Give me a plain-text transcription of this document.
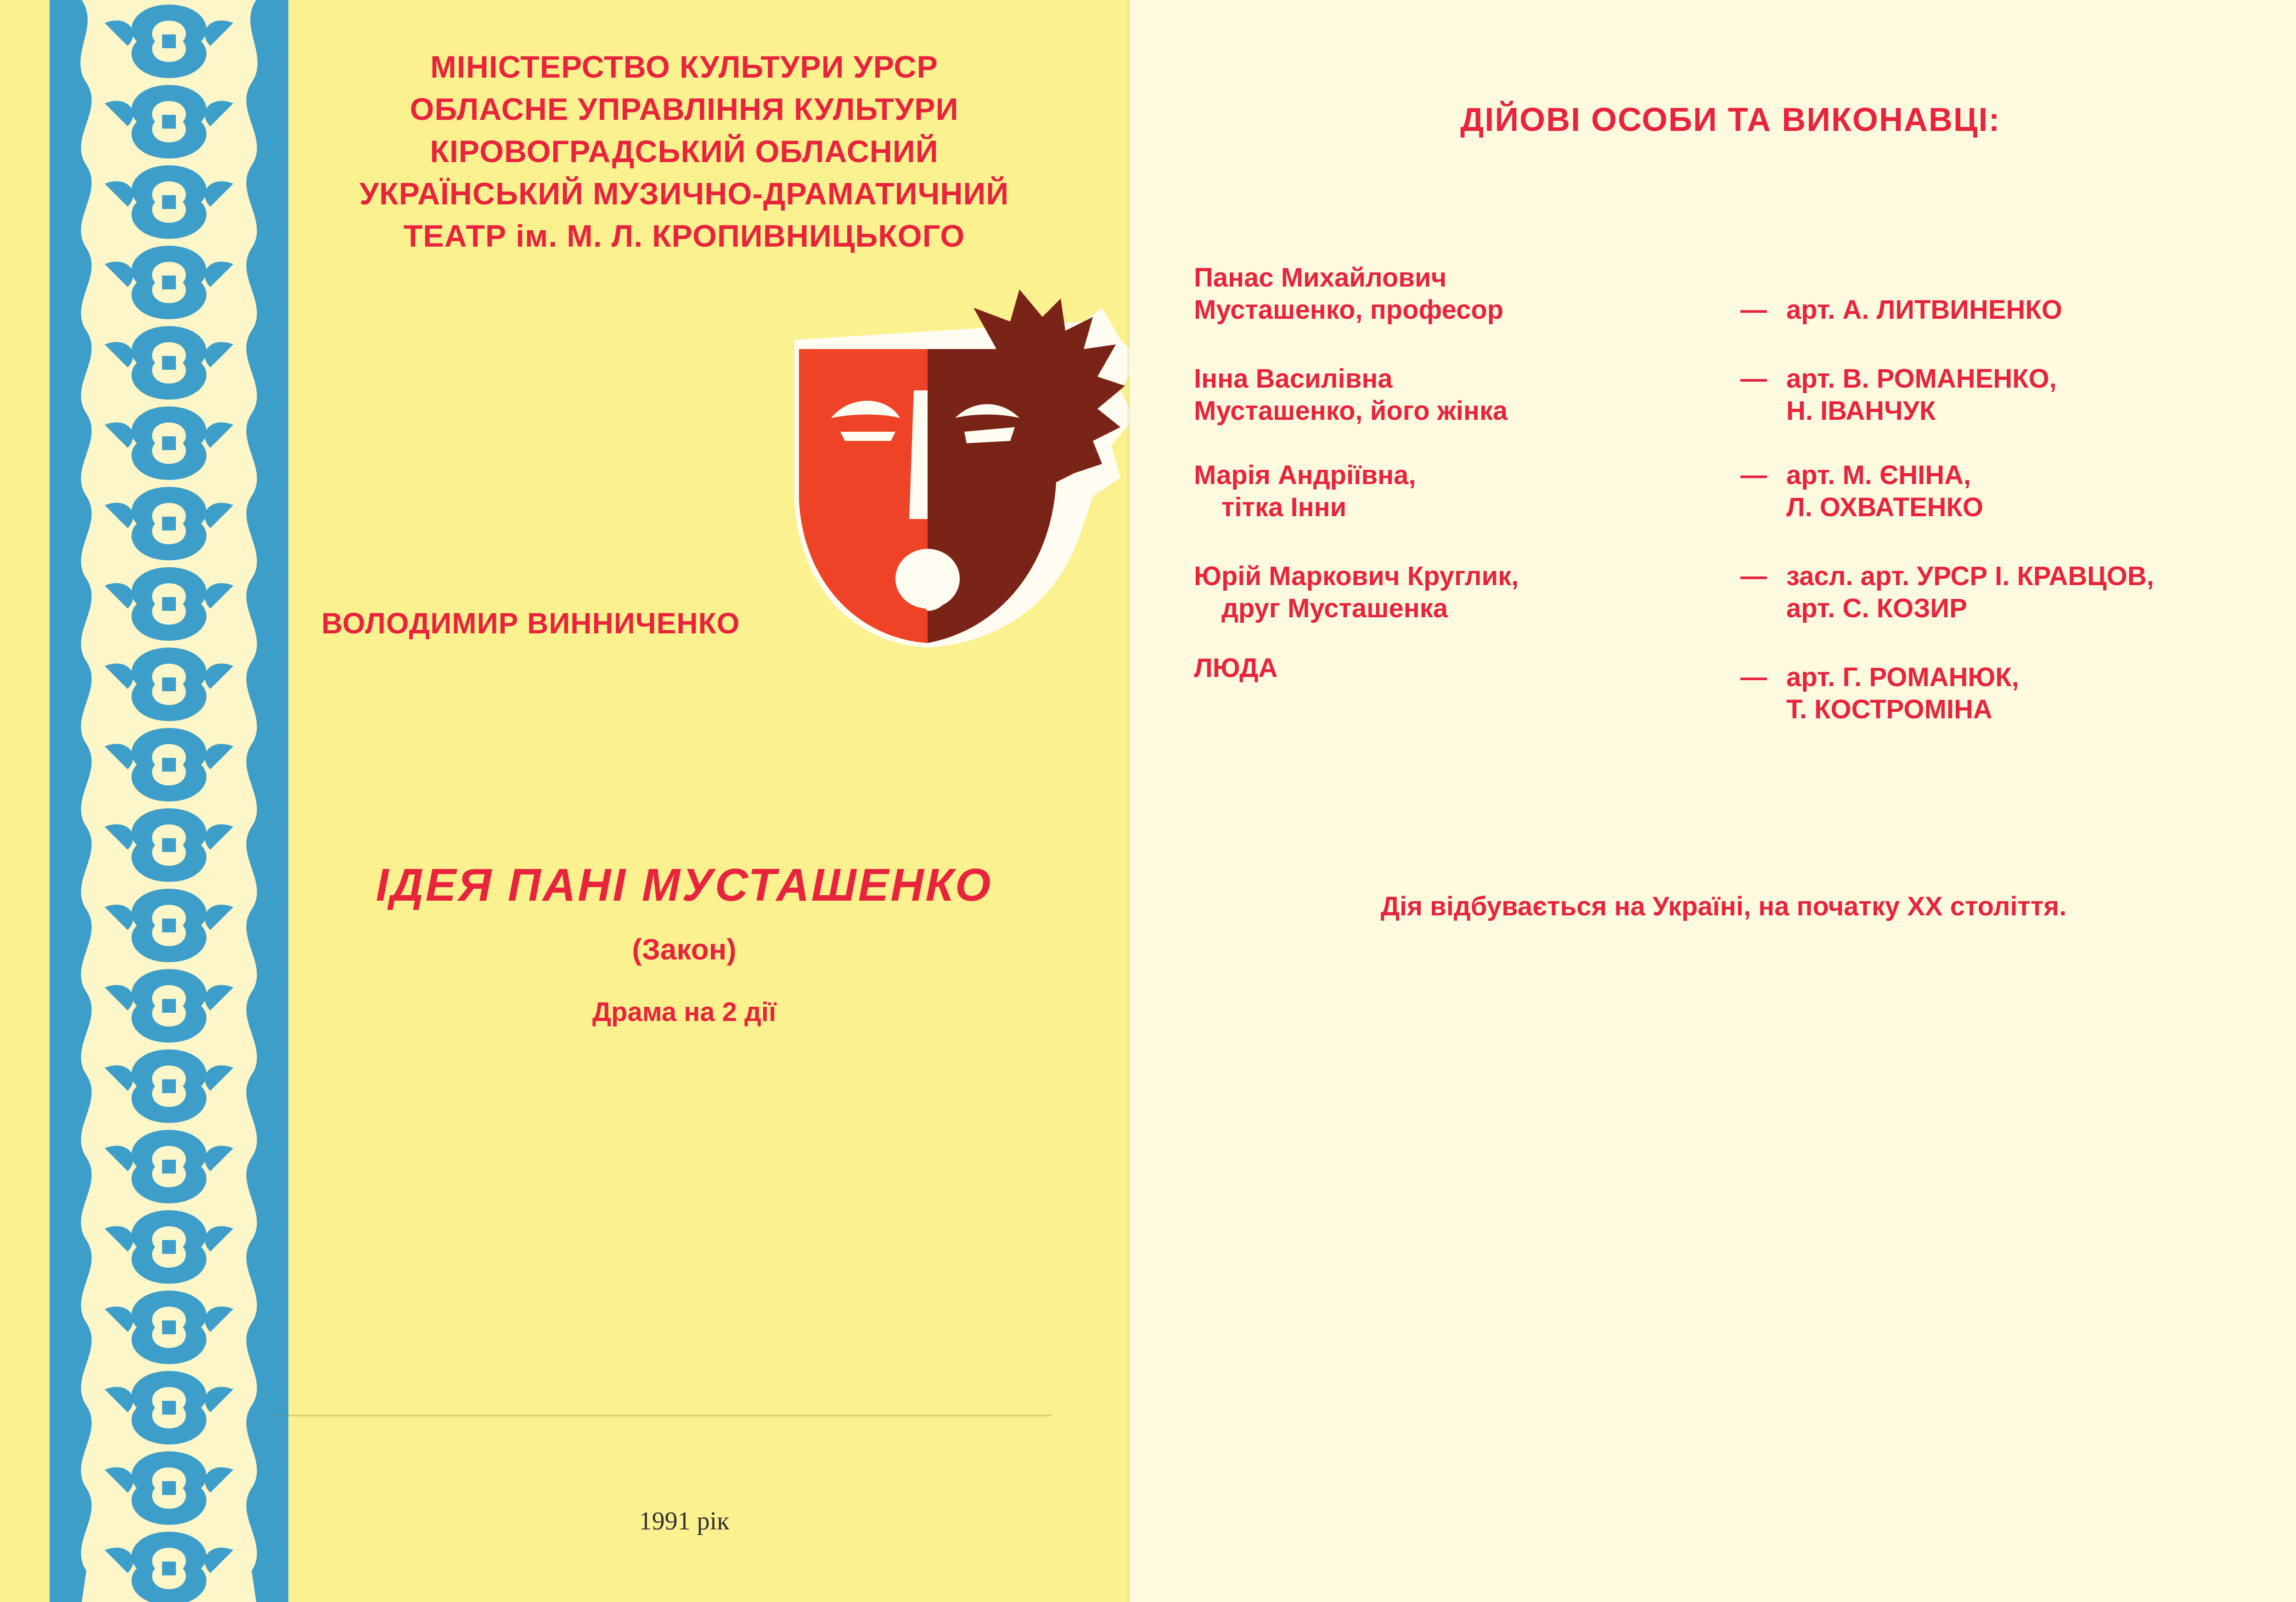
МІНІСТЕРСТВО КУЛЬТУРИ УРСР
ОБЛАСНЕ УПРАВЛІННЯ КУЛЬТУРИ
КІРОВОГРАДСЬКИЙ ОБЛАСНИЙ
УКРАЇНСЬКИЙ МУЗИЧНО-ДРАМАТИЧНИЙ
ТЕАТР ім. М. Л. КРОПИВНИЦЬКОГО
ВОЛОДИМИР ВИННИЧЕНКО
ІДЕЯ ПАНІ МУСТАШЕНКО
(Закон)
Драма на 2 дії
1991 рік
ДІЙОВІ ОСОБИ ТА ВИКОНАВЦІ:
Панас Михайлович
Мусташенко, професор	— арт. А. ЛИТВИНЕНКО
Інна Василівна
Мусташенко, його жінка
— арт. В. РОМАНЕНКО,
Н. ІВАНЧУК
Марія Андріївна,
тітка Інни
— арт. М. ЄНІНА,
Л. ОХВАТЕНКО
Юрій Маркович Круглик,
друг Мусташенка
— засл. арт. УРСР І. КРАВЦОВ,
арт. С. КОЗИР
ЛЮДА	— арт. Г. РОМАНЮК,
Т. КОСТРОМІНА
Дія відбувається на Україні, на початку XX століття.
